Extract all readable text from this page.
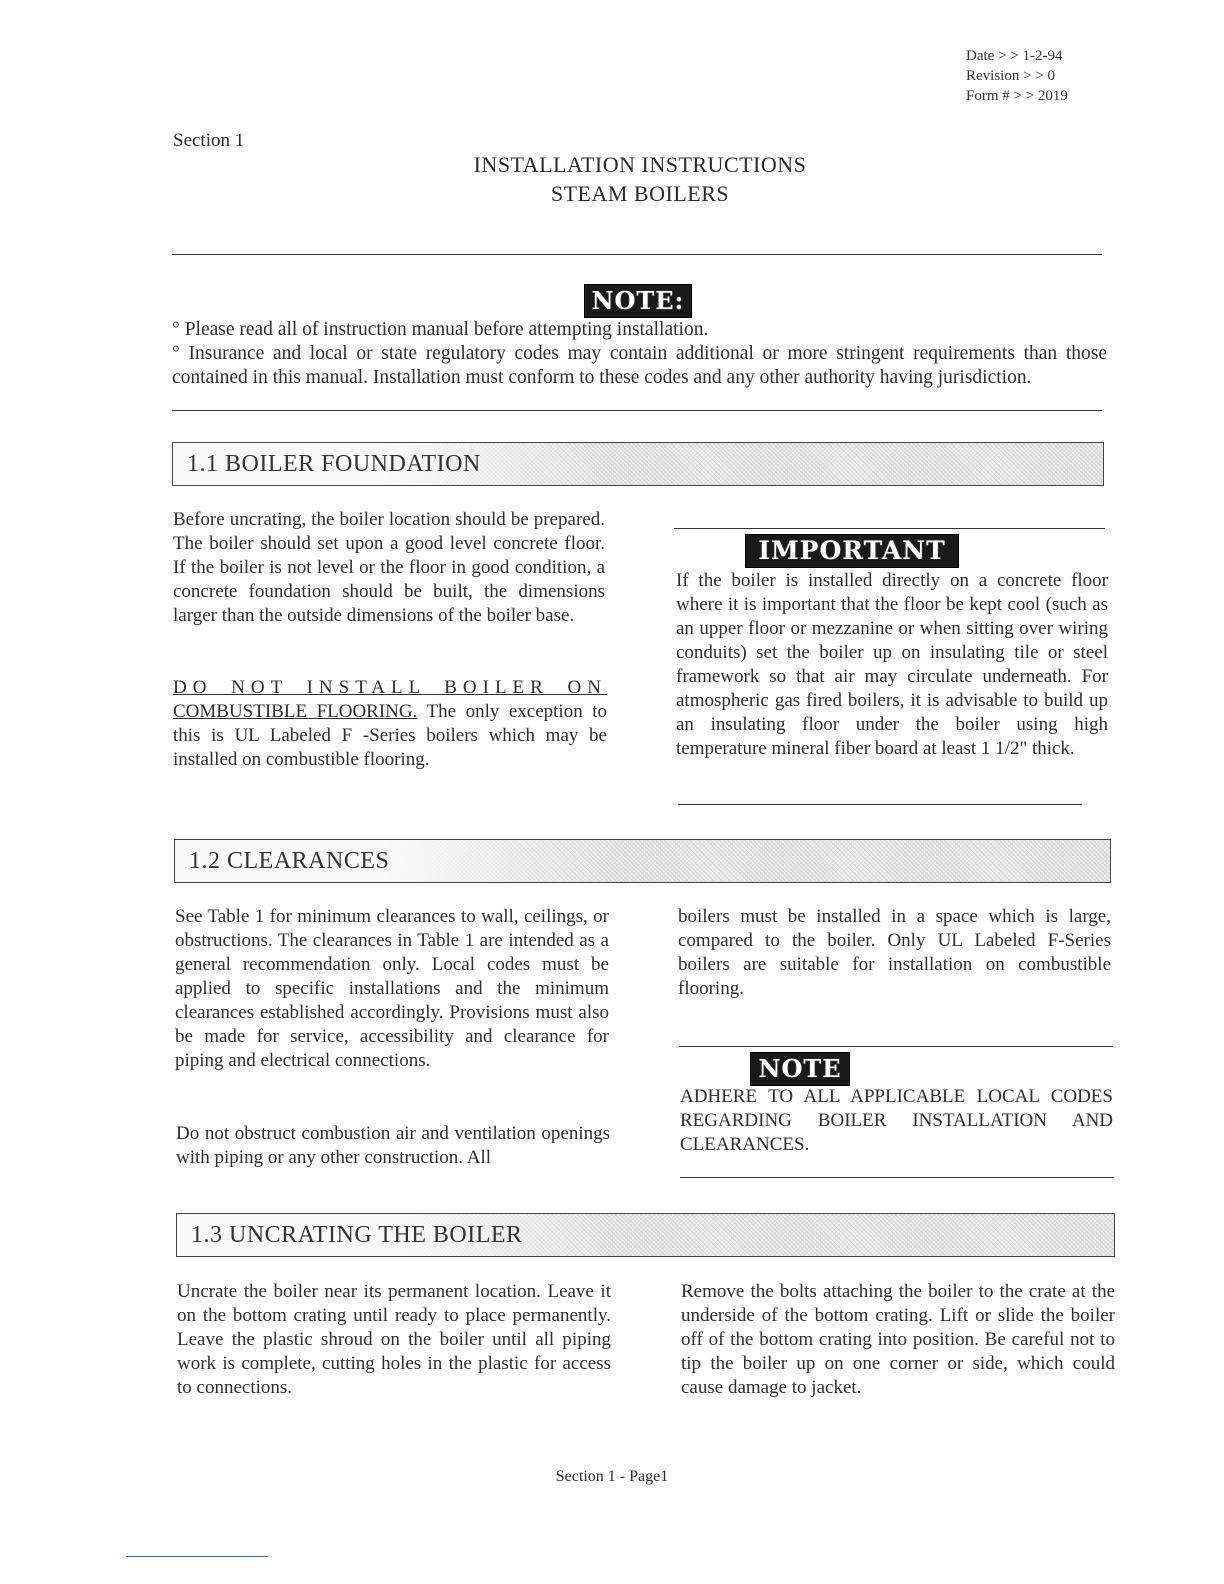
Date > > 1-2-94
Revision > > 0
Form # > > 2019
Section 1
INSTALLATION INSTRUCTIONS
STEAM BOILERS
NOTE:
° Please read all of instruction manual before attempting installation.
° Insurance and local or state regulatory codes may contain additional or more stringent requirements than those contained in this manual. Installation must conform to these codes and any other authority having jurisdiction.
1.1 BOILER FOUNDATION
Before uncrating, the boiler location should be prepared. The boiler should set upon a good level concrete floor. If the boiler is not level or the floor in good condition, a concrete foundation should be built, the dimensions larger than the outside dimensions of the boiler base.
DO NOT INSTALL BOILER ON
COMBUSTIBLE FLOORING. The only exception to this is UL Labeled F -Series boilers which may be installed on combustible flooring.
IMPORTANT
If the boiler is installed directly on a concrete floor where it is important that the floor be kept cool (such as an upper floor or mezzanine or when sitting over wiring conduits) set the boiler up on insulating tile or steel framework so that air may circulate underneath. For atmospheric gas fired boilers, it is advisable to build up an insulating floor under the boiler using high temperature mineral fiber board at least 1 1/2" thick.
1.2 CLEARANCES
See Table 1 for minimum clearances to wall, ceilings, or obstructions. The clearances in Table 1 are intended as a general recommendation only. Local codes must be applied to specific installations and the minimum clearances established accordingly. Provisions must also be made for service, accessibility and clearance for piping and electrical connections.
Do not obstruct combustion air and ventilation openings with piping or any other construction. All
boilers must be installed in a space which is large, compared to the boiler. Only UL Labeled F-Series boilers are suitable for installation on combustible flooring.
NOTE
ADHERE TO ALL APPLICABLE LOCAL CODES REGARDING BOILER INSTALLATION AND CLEARANCES.
1.3 UNCRATING THE BOILER
Uncrate the boiler near its permanent location. Leave it on the bottom crating until ready to place permanently. Leave the plastic shroud on the boiler until all piping work is complete, cutting holes in the plastic for access to connections.
Remove the bolts attaching the boiler to the crate at the underside of the bottom crating. Lift or slide the boiler off of the bottom crating into position. Be careful not to tip the boiler up on one corner or side, which could cause damage to jacket.
Section 1 - Page1
